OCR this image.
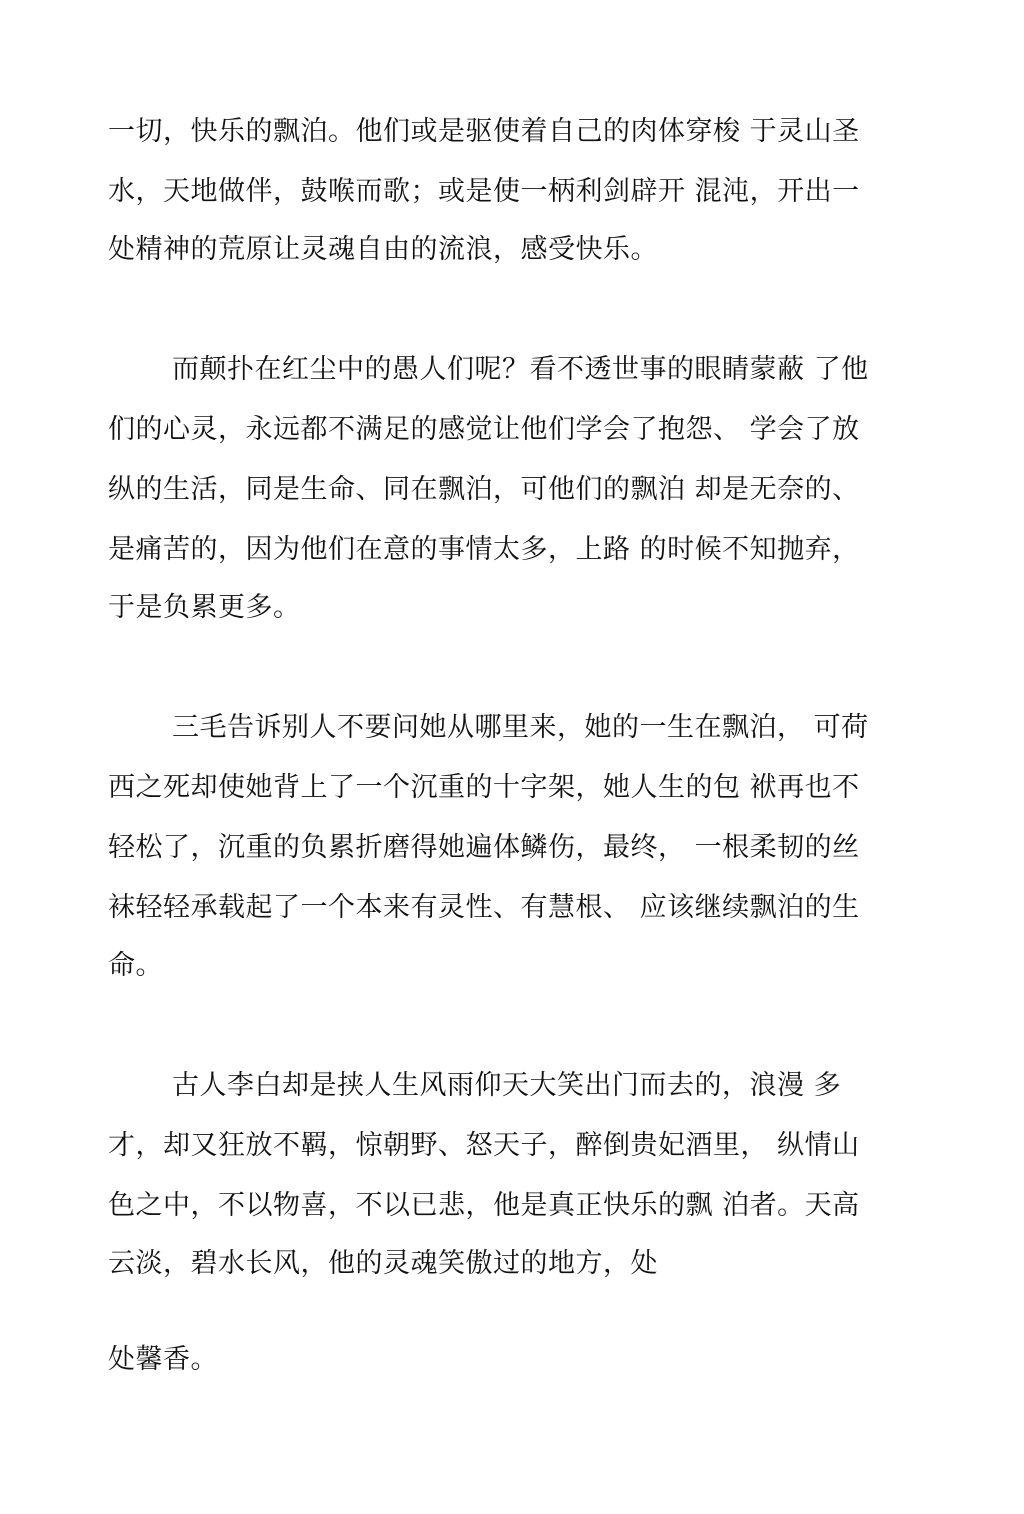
一切，快乐的飘泊。他们或是驱使着自己的肉体穿梭 于灵山圣
水，天地做伴，鼓喉而歌；或是使一柄利剑辟开 混沌，开出一
处精神的荒原让灵魂自由的流浪，感受快乐。
而颠扑在红尘中的愚人们呢？看不透世事的眼睛蒙蔽 了他
们的心灵，永远都不满足的感觉让他们学会了抱怨、 学会了放
纵的生活，同是生命、同在飘泊，可他们的飘泊 却是无奈的、
是痛苦的，因为他们在意的事情太多，上路 的时候不知抛弃，
于是负累更多。
三毛告诉别人不要问她从哪里来，她的一生在飘泊， 可荷
西之死却使她背上了一个沉重的十字架，她人生的包 袱再也不
轻松了，沉重的负累折磨得她遍体鳞伤，最终， 一根柔韧的丝
袜轻轻承载起了一个本来有灵性、有慧根、 应该继续飘泊的生
命。
古人李白却是挟人生风雨仰天大笑出门而去的，浪漫 多
才，却又狂放不羁，惊朝野、怒天子，醉倒贵妃酒里， 纵情山
色之中，不以物喜，不以已悲，他是真正快乐的飘 泊者。天高
云淡，碧水长风，他的灵魂笑傲过的地方，处
处馨香。
